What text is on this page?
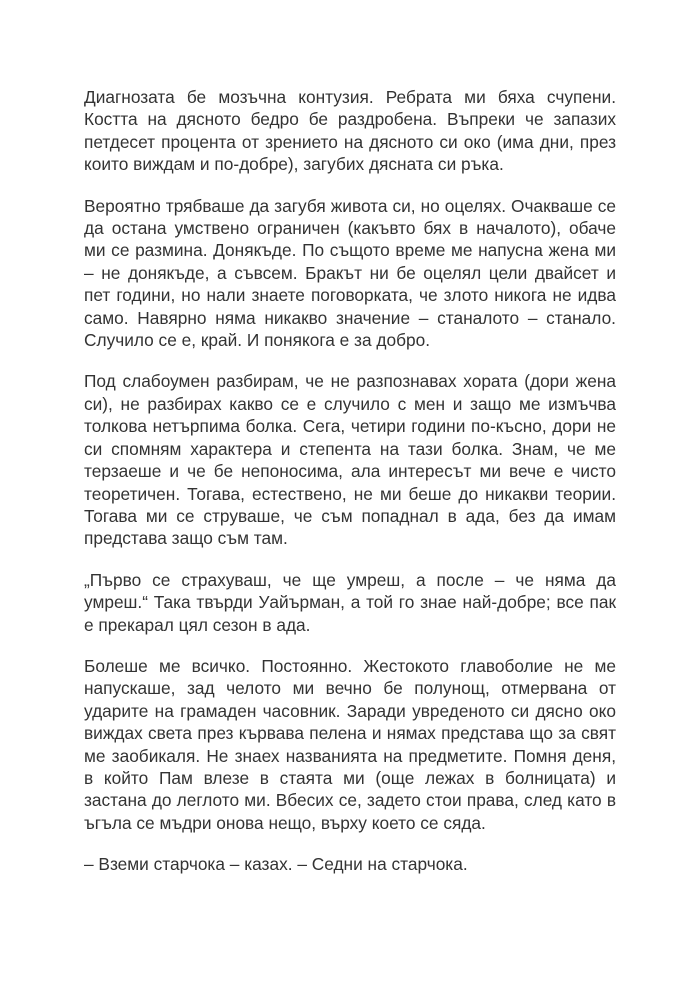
Диагнозата бе мозъчна контузия. Ребрата ми бяха счупени. Костта на дясното бедро бе раздробена. Въпреки че запазих петдесет процента от зрението на дясното си око (има дни, през които виждам и по-добре), загубих дясната си ръка.

Вероятно трябваше да загубя живота си, но оцелях. Очакваше се да остана умствено ограничен (какъвто бях в началото), обаче ми се размина. Донякъде. По същото време ме напусна жена ми – не донякъде, а съвсем. Бракът ни бе оцелял цели двайсет и пет години, но нали знаете поговорката, че злото никога не идва само. Навярно няма никакво значение – станалото – станало. Случило се е, край. И понякога е за добро.

Под слабоумен разбирам, че не разпознавах хората (дори жена си), не разбирах какво се е случило с мен и защо ме измъчва толкова нетърпима болка. Сега, четири години по-късно, дори не си спомням характера и степента на тази болка. Знам, че ме терзаеше и че бе непоносима, ала интересът ми вече е чисто теоретичен. Тогава, естествено, не ми беше до никакви теории. Тогава ми се струваше, че съм попаднал в ада, без да имам представа защо съм там.

„Първо се страхуваш, че ще умреш, а после – че няма да умреш.“ Така твърди Уайърман, а той го знае най-добре; все пак е прекарал цял сезон в ада.

Болеше ме всичко. Постоянно. Жестокото главоболие не ме напускаше, зад челото ми вечно бе полунощ, отмервана от ударите на грамаден часовник. Заради увреденото си дясно око виждах света през кървава пелена и нямах представа що за свят ме заобикаля. Не знаех названията на предметите. Помня деня, в който Пам влезе в стаята ми (още лежах в болницата) и застана до леглото ми. Вбесих се, задето стои права, след като в ъгъла се мъдри онова нещо, върху което се сяда.

– Вземи старчока – казах. – Седни на старчока.
